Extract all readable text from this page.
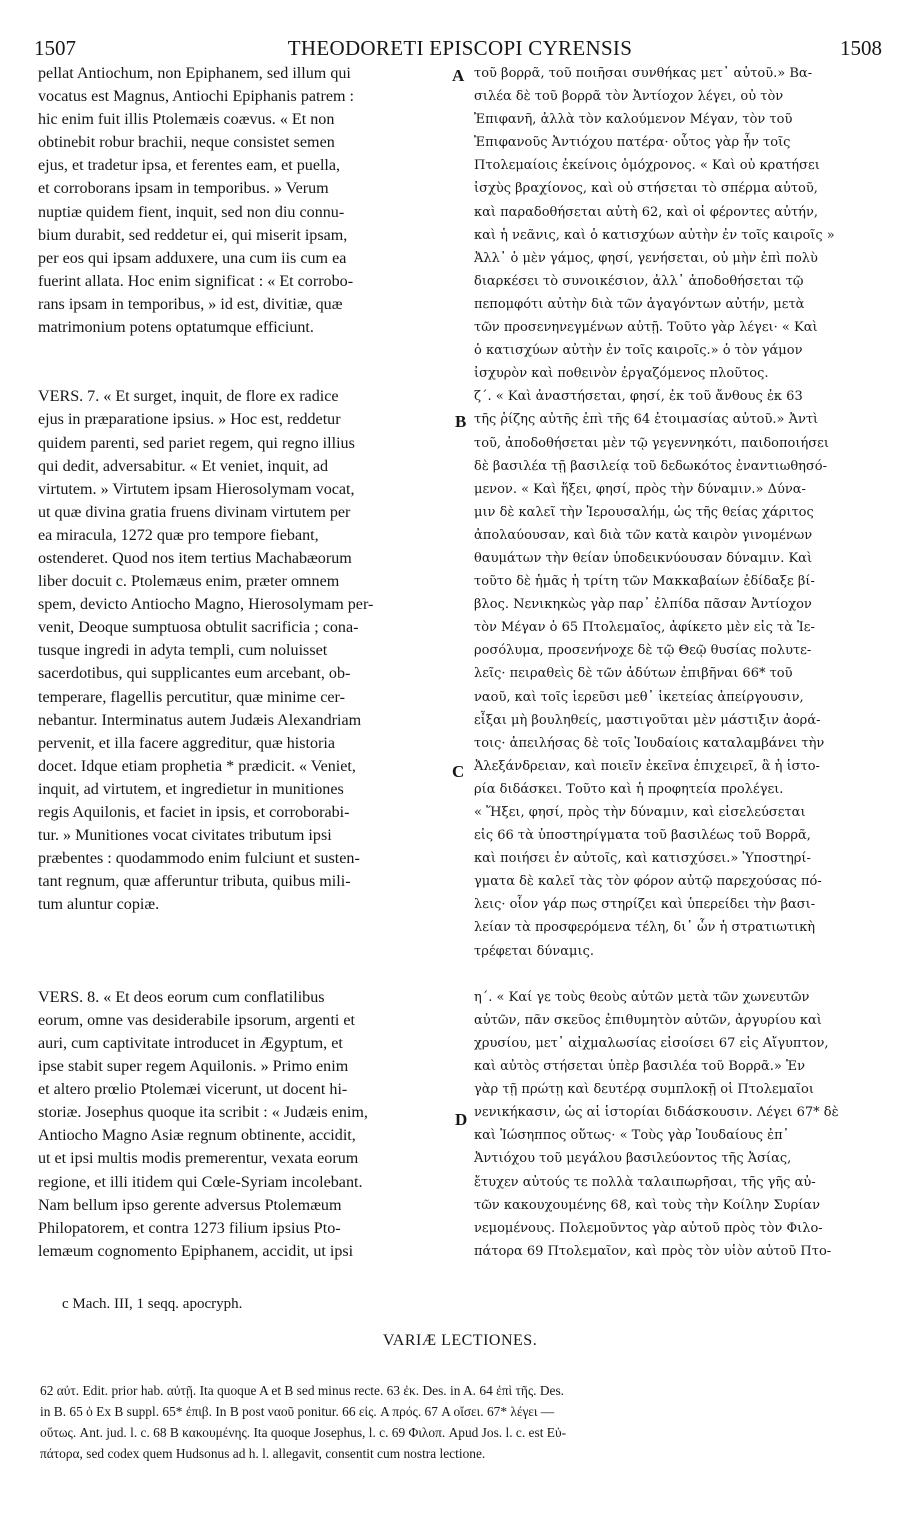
1507	THEODORETI EPISCOPI CYRENSIS	1508
pellat Antiochum, non Epiphanem, sed illum qui
vocatus est Magnus, Antiochi Epiphanis patrem :
hic enim fuit illis Ptolemæis coævus. « Et non
obtinebit robur brachii, neque consistet semen
ejus, et tradetur ipsa, et ferentes eam, et puella,
et corroborans ipsam in temporibus. » Verum
nuptiæ quidem fient, inquit, sed non diu connu-
bium durabit, sed reddetur ei, qui miserit ipsam,
per eos qui ipsam adduxere, una cum iis cum ea
fuerint allata. Hoc enim significat : « Et corrobo-
rans ipsam in temporibus, » id est, divitiæ, quæ
matrimonium potens optatumque efficiunt.
VERS. 7. « Et surget, inquit, de flore ex radice
ejus in præparatione ipsius. » Hoc est, reddetur
quidem parenti, sed pariet regem, qui regno illius
qui dedit, adversabitur. « Et veniet, inquit, ad
virtutem. » Virtutem ipsam Hierosolymam vocat,
ut quæ divina gratia fruens divinam virtutem per
ea miracula, 1272 quæ pro tempore fiebant,
ostenderet. Quod nos item tertius Machabæorum
liber docuit c. Ptolemæus enim, præter omnem
spem, devicto Antiocho Magno, Hierosolymam per-
venit, Deoque sumptuosa obtulit sacrificia ; cona-
tusque ingredi in adyta templi, cum noluisset
sacerdotibus, qui supplicantes eum arcebant, ob-
temperare, flagellis percutitur, quæ minime cer-
nebantur. Interminatus autem Judæis Alexandriam
pervenit, et illa facere aggreditur, quæ historia
docet. Idque etiam prophetia * prædicit. « Veniet,
inquit, ad virtutem, et ingredietur in munitiones
regis Aquilonis, et faciet in ipsis, et corroborabi-
tur. » Munitiones vocat civitates tributum ipsi
præbentes : quodammodo enim fulciunt et susten-
tant regnum, quæ afferuntur tributa, quibus mili-
tum aluntur copiæ.
VERS. 8. « Et deos eorum cum conflatilibus
eorum, omne vas desiderabile ipsorum, argenti et
auri, cum captivitate introducet in Ægyptum, et
ipse stabit super regem Aquilonis. » Primo enim
et altero prœlio Ptolemæi vicerunt, ut docent hi-
storiæ. Josephus quoque ita scribit : « Judæis enim,
Antiocho Magno Asiæ regnum obtinente, accidit,
ut et ipsi multis modis premerentur, vexata eorum
regione, et illi itidem qui Cœle-Syriam incolebant.
Nam bellum ipso gerente adversus Ptolemæum
Philopatorem, et contra 1273 filium ipsius Pto-
lemæum cognomento Epiphanem, accidit, ut ipsi
τοῦ βορρᾶ, τοῦ ποιῆσαι συνθήκας μετ᾽ αὐτοῦ.» Βα-
σιλέα δὲ τοῦ βορρᾶ τὸν Ἀντίοχον λέγει, οὐ τὸν
Ἐπιφανῆ, ἀλλὰ τὸν καλούμενον Μέγαν, τὸν τοῦ
Ἐπιφανοῦς Ἀντιόχου πατέρα· οὗτος γὰρ ἦν τοῖς
Πτολεμαίοις ἐκείνοις ὁμόχρονος. « Καὶ οὐ κρατήσει
ἰσχὺς βραχίονος, καὶ οὐ στήσεται τὸ σπέρμα αὐτοῦ,
καὶ παραδοθήσεται αὐτὴ 62, καὶ οἱ φέροντες αὐτήν,
καὶ ἡ νεᾶνις, καὶ ὁ κατισχύων αὐτὴν ἐν τοῖς καιροῖς »
Ἀλλ᾽ ὁ μὲν γάμος, φησί, γενήσεται, οὐ μὴν ἐπὶ πολὺ
διαρκέσει τὸ συνοικέσιον, ἀλλ᾽ ἀποδοθήσεται τῷ
πεπομφότι αὐτὴν διὰ τῶν ἀγαγόντων αὐτήν, μετὰ
τῶν προσενηνεγμένων αὐτῇ. Τοῦτο γὰρ λέγει· « Καὶ
ὁ κατισχύων αὐτὴν ἐν τοῖς καιροῖς.» ὁ τὸν γάμον
ἰσχυρὸν καὶ ποθεινὸν ἐργαζόμενος πλοῦτος.
ζ΄. « Καὶ ἀναστήσεται, φησί, ἐκ τοῦ ἄνθους ἐκ 63
τῆς ῥίζης αὐτῆς ἐπὶ τῆς 64 ἑτοιμασίας αὐτοῦ.» Ἀντὶ
τοῦ, ἀποδοθήσεται μὲν τῷ γεγεννηκότι, παιδοποιήσει
δὲ βασιλέα τῇ βασιλείᾳ τοῦ δεδωκότος ἐναντιωθησό-
μενον. « Καὶ ἥξει, φησί, πρὸς τὴν δύναμιν.» Δύνα-
μιν δὲ καλεῖ τὴν Ἱερουσαλήμ, ὡς τῆς θείας χάριτος
ἀπολαύουσαν, καὶ διὰ τῶν κατὰ καιρὸν γινομένων
θαυμάτων τὴν θείαν ὑποδεικνύουσαν δύναμιν. Καὶ
τοῦτο δὲ ἡμᾶς ἡ τρίτη τῶν Μακκαβαίων ἐδίδαξε βί-
βλος. Νενικηκὼς γὰρ παρ᾽ ἐλπίδα πᾶσαν Ἀντίοχον
τὸν Μέγαν ὁ 65 Πτολεμαῖος, ἀφίκετο μὲν εἰς τὰ Ἱε-
ροσόλυμα, προσενήνοχε δὲ τῷ Θεῷ θυσίας πολυτε-
λεῖς· πειραθεὶς δὲ τῶν ἀδύτων ἐπιβῆναι 66* τοῦ
ναοῦ, καὶ τοῖς ἱερεῦσι μεθ᾽ ἱκετείας ἀπείργουσιν,
εἶξαι μὴ βουληθείς, μαστιγοῦται μὲν μάστιξιν ἀορά-
τοις· ἀπειλήσας δὲ τοῖς Ἰουδαίοις καταλαμβάνει τὴν
Ἀλεξάνδρειαν, καὶ ποιεῖν ἐκεῖνα ἐπιχειρεῖ, ἃ ἡ ἱστο-
ρία διδάσκει. Τοῦτο καὶ ἡ προφητεία προλέγει.
« Ἥξει, φησί, πρὸς τὴν δύναμιν, καὶ εἰσελεύσεται
εἰς 66 τὰ ὑποστηρίγματα τοῦ βασιλέως τοῦ Βορρᾶ,
καὶ ποιήσει ἐν αὐτοῖς, καὶ κατισχύσει.» Ὑποστηρί-
γματα δὲ καλεῖ τὰς τὸν φόρον αὐτῷ παρεχούσας πό-
λεις· οἷον γάρ πως στηρίζει καὶ ὑπερείδει τὴν βασι-
λείαν τὰ προσφερόμενα τέλη, δι᾽ ὧν ἡ στρατιωτικὴ
τρέφεται δύναμις.
η΄. « Καί γε τοὺς θεοὺς αὐτῶν μετὰ τῶν χωνευτῶν
αὐτῶν, πᾶν σκεῦος ἐπιθυμητὸν αὐτῶν, ἀργυρίου καὶ
χρυσίου, μετ᾽ αἰχμαλωσίας εἰσοίσει 67 εἰς Αἴγυπτον,
καὶ αὐτὸς στήσεται ὑπὲρ βασιλέα τοῦ Βορρᾶ.» Ἐν
γὰρ τῇ πρώτῃ καὶ δευτέρᾳ συμπλοκῇ οἱ Πτολεμαῖοι
νενικήκασιν, ὡς αἱ ἱστορίαι διδάσκουσιν. Λέγει 67* δὲ
καὶ Ἰώσηππος οὕτως· « Τοὺς γὰρ Ἰουδαίους ἐπ᾽
Ἀντιόχου τοῦ μεγάλου βασιλεύοντος τῆς Ἀσίας,
ἔτυχεν αὐτούς τε πολλὰ ταλαιπωρῆσαι, τῆς γῆς αὐ-
τῶν κακουχουμένης 68, καὶ τοὺς τὴν Κοίλην Συρίαν
νεμομένους. Πολεμοῦντος γὰρ αὐτοῦ πρὸς τὸν Φιλο-
πάτορα 69 Πτολεμαῖον, καὶ πρὸς τὸν υἱὸν αὐτοῦ Πτο-
A
B
C
D
c Mach. III, 1 seqq. apocryph.
VARIÆ LECTIONES.
62 αὐτ. Edit. prior hab. αὐτῇ. Ita quoque A et B sed minus recte. 63 ἐκ. Des. in A. 64 ἐπὶ τῆς. Des.
in B. 65 ὁ Ex B suppl. 65* ἐπιβ. In B post ναοῦ ponitur. 66 εἰς. A πρός. 67 A οἴσει. 67* λέγει —
οὕτως. Ant. jud. l. c. 68 B κακουμένης. Ita quoque Josephus, l. c. 69 Φιλοπ. Apud Jos. l. c. est Εὐ-
πάτορα, sed codex quem Hudsonus ad h. l. allegavit, consentit cum nostra lectione.
